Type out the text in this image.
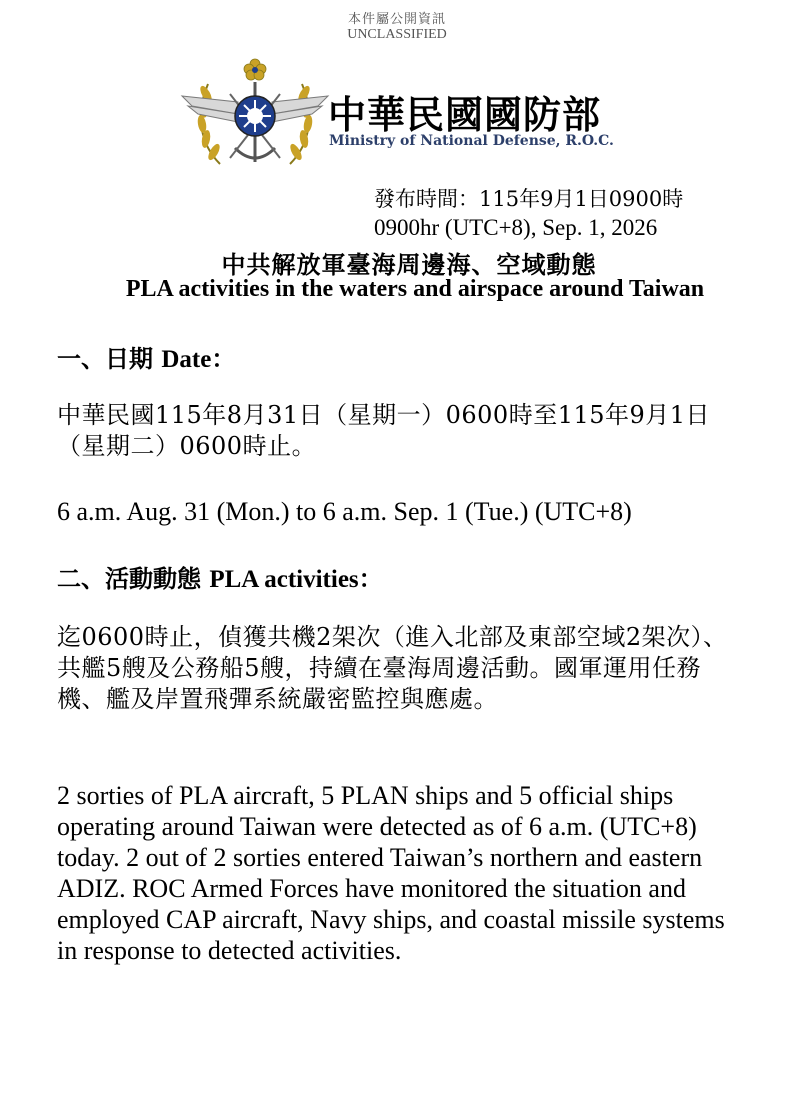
本件屬公開資訊
UNCLASSIFIED
中華民國國防部
Ministry of National Defense, R.O.C.
發布時間：115年9月1日0900時
0900hr (UTC+8), Sep. 1, 2026
中共解放軍臺海周邊海、空域動態
PLA activities in the waters and airspace around Taiwan
一、日期 Date：
中華民國115年8月31日（星期一）0600時至115年9月1日（星期二）0600時止。
6 a.m. Aug. 31 (Mon.) to 6 a.m. Sep. 1 (Tue.) (UTC+8)
二、活動動態 PLA activities：
迄0600時止，偵獲共機2架次（進入北部及東部空域2架次）、共艦5艘及公務船5艘，持續在臺海周邊活動。國軍運用任務機、艦及岸置飛彈系統嚴密監控與應處。
2 sorties of PLA aircraft, 5 PLAN ships and 5 official ships operating around Taiwan were detected as of 6 a.m. (UTC+8) today. 2 out of 2 sorties entered Taiwan’s northern and eastern ADIZ. ROC Armed Forces have monitored the situation and employed CAP aircraft, Navy ships, and coastal missile systems in response to detected activities.
